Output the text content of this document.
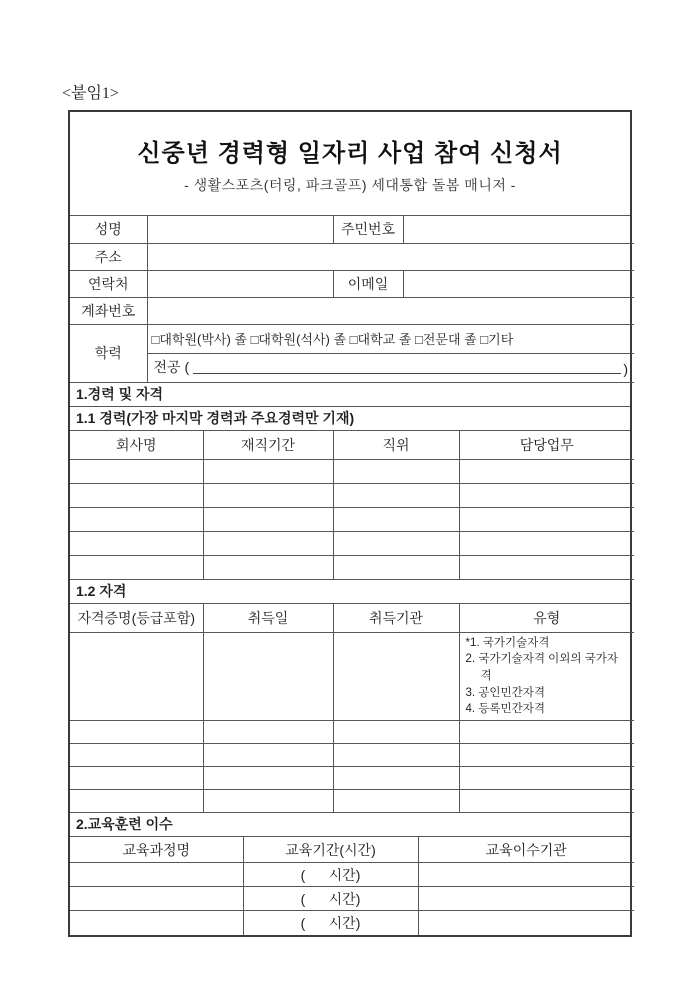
<붙임1>
신중년 경력형 일자리 사업 참여 신청서
- 생활스포츠(터링, 파크골프) 세대통합 돌봄 매니저 -
성명		주민번호	
주소			
연락처		이메일	
계좌번호			
학력	□대학원(박사) 졸 □대학원(석사) 졸 □대학교 졸 □전문대 졸 □기타		

	전공 ( )		
1.경력 및 자격
1.1 경력(가장 마지막 경력과 주요경력만 기재)
회사명	재직기간	직위	담당업무

1.2 자격
자격증명(등급포함)	취득일	취득기관	유형

			*1. 국가기술자격
2. 국가기술자격 이외의 국가자격
3. 공인민간자격
4. 등록민간자격

2.교육훈련 이수
교육과정명	교육기간(시간)	교육이수기관
	(      시간)	
	(      시간)	
	(      시간)	
